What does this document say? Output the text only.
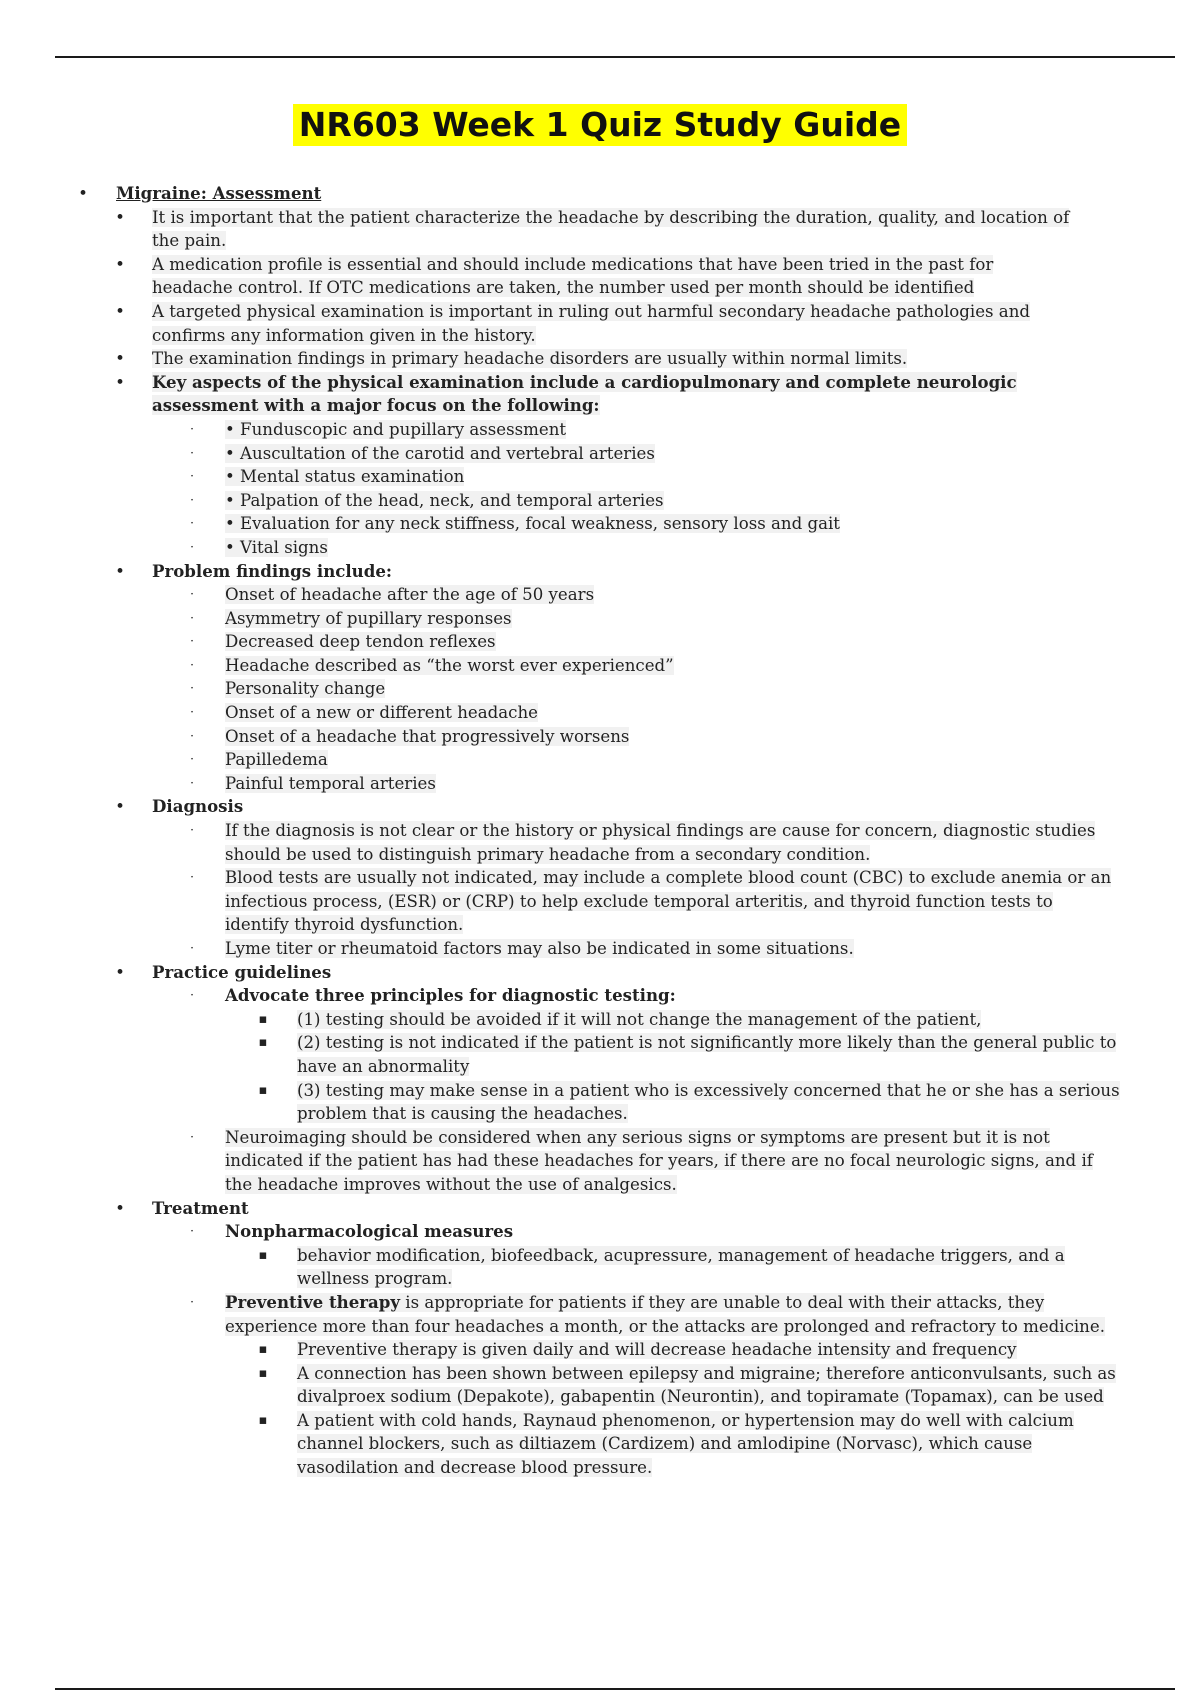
NR603 Week 1 Quiz Study Guide
•	Migraine: Assessment
•	It is important that the patient characterize the headache by describing the duration, quality, and location of the pain.
•	A medication profile is essential and should include medications that have been tried in the past for headache control. If OTC medications are taken, the number used per month should be identified
•	A targeted physical examination is important in ruling out harmful secondary headache pathologies and confirms any information given in the history.
•	The examination findings in primary headache disorders are usually within normal limits.
•	Key aspects of the physical examination include a cardiopulmonary and complete neurologic assessment with a major focus on the following:
·	• Funduscopic and pupillary assessment
·	• Auscultation of the carotid and vertebral arteries
·	• Mental status examination
·	• Palpation of the head, neck, and temporal arteries
·	• Evaluation for any neck stiffness, focal weakness, sensory loss and gait
·	• Vital signs
•	Problem findings include:
·	Onset of headache after the age of 50 years
·	Asymmetry of pupillary responses
·	Decreased deep tendon reflexes
·	Headache described as “the worst ever experienced”
·	Personality change
·	Onset of a new or different headache
·	Onset of a headache that progressively worsens
·	Papilledema
·	Painful temporal arteries
•	Diagnosis
·	If the diagnosis is not clear or the history or physical findings are cause for concern, diagnostic studies should be used to distinguish primary headache from a secondary condition.
·	Blood tests are usually not indicated, may include a complete blood count (CBC) to exclude anemia or an infectious process, (ESR) or (CRP) to help exclude temporal arteritis, and thyroid function tests to identify thyroid dysfunction.
·	Lyme titer or rheumatoid factors may also be indicated in some situations.
•	Practice guidelines
·	Advocate three principles for diagnostic testing:
▪	(1) testing should be avoided if it will not change the management of the patient,
▪	(2) testing is not indicated if the patient is not significantly more likely than the general public to have an abnormality
▪	(3) testing may make sense in a patient who is excessively concerned that he or she has a serious problem that is causing the headaches.
·	Neuroimaging should be considered when any serious signs or symptoms are present but it is not indicated if the patient has had these headaches for years, if there are no focal neurologic signs, and if the headache improves without the use of analgesics.
•	Treatment
·	Nonpharmacological measures
▪	behavior modification, biofeedback, acupressure, management of headache triggers, and a wellness program.
·	Preventive therapy is appropriate for patients if they are unable to deal with their attacks, they experience more than four headaches a month, or the attacks are prolonged and refractory to medicine.
▪	Preventive therapy is given daily and will decrease headache intensity and frequency
▪	A connection has been shown between epilepsy and migraine; therefore anticonvulsants, such as divalproex sodium (Depakote), gabapentin (Neurontin), and topiramate (Topamax), can be used
▪	A patient with cold hands, Raynaud phenomenon, or hypertension may do well with calcium channel blockers, such as diltiazem (Cardizem) and amlodipine (Norvasc), which cause vasodilation and decrease blood pressure.
